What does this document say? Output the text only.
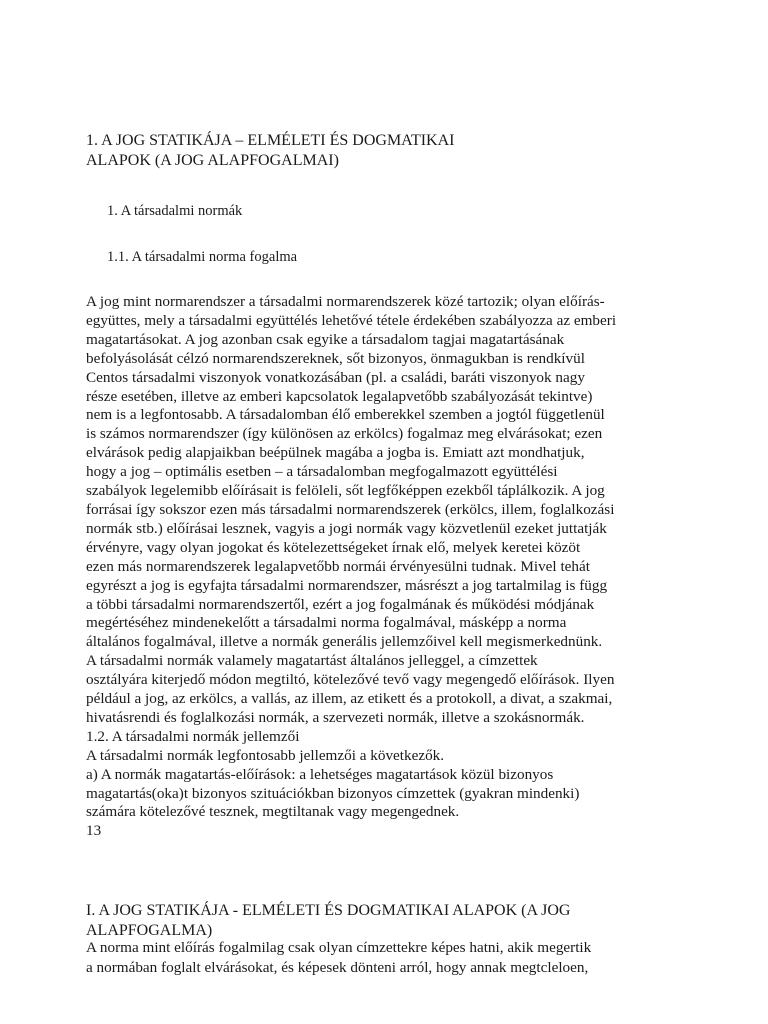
1. A JOG STATIKÁJA – ELMÉLETI ÉS DOGMATIKAI
ALAPOK (A JOG ALAPFOGALMAI)
1. A társadalmi normák
1.1. A társadalmi norma fogalma
A jog mint normarendszer a társadalmi normarendszerek közé tartozik; olyan előírás-
együttes, mely a társadalmi együttélés lehetővé tétele érdekében szabályozza az emberi
magatartásokat. A jog azonban csak egyike a társadalom tagjai magatartásának
befolyásolását célzó normarendszereknek, sőt bizonyos, önmagukban is rendkívül
Centos társadalmi viszonyok vonatkozásában (pl. a családi, baráti viszonyok nagy
része esetében, illetve az emberi kapcsolatok legalapvetőbb szabályozását tekintve)
nem is a legfontosabb. A társadalomban élő emberekkel szemben a jogtól függetlenül
is számos normarendszer (így különösen az erkölcs) fogalmaz meg elvárásokat; ezen
elvárások pedig alapjaikban beépülnek magába a jogba is. Emiatt azt mondhatjuk,
hogy a jog – optimális esetben – a társadalomban megfogalmazott együttélési
szabályok legelemibb előírásait is felöleli, sőt legfőképpen ezekből táplálkozik. A jog
forrásai így sokszor ezen más társadalmi normarendszerek (erkölcs, illem, foglalkozási
normák stb.) előírásai lesznek, vagyis a jogi normák vagy közvetlenül ezeket juttatják
érvényre, vagy olyan jogokat és kötelezettségeket írnak elő, melyek keretei közöt
ezen más normarendszerek legalapvetőbb normái érvényesülni tudnak. Mivel tehát
egyrészt a jog is egyfajta társadalmi normarendszer, másrészt a jog tartalmilag is függ
a többi társadalmi normarendszertől, ezért a jog fogalmának és működési módjának
megértéséhez mindenekelőtt a társadalmi norma fogalmával, másképp a norma
általános fogalmával, illetve a normák generális jellemzőivel kell megismerkednünk.
A társadalmi normák valamely magatartást általános jelleggel, a címzettek
osztályára kiterjedő módon megtiltó, kötelezővé tevő vagy megengedő előírások. Ilyen
például a jog, az erkölcs, a vallás, az illem, az etikett és a protokoll, a divat, a szakmai,
hivatásrendi és foglalkozási normák, a szervezeti normák, illetve a szokásnormák.
1.2. A társadalmi normák jellemzői
A társadalmi normák legfontosabb jellemzői a következők.
a) A normák magatartás-előírások: a lehetséges magatartások közül bizonyos
magatartás(oka)t bizonyos szituációkban bizonyos címzettek (gyakran mindenki)
számára kötelezővé tesznek, megtiltanak vagy megengednek.
13
I. A JOG STATIKÁJA - ELMÉLETI ÉS DOGMATIKAI ALAPOK (A JOG
ALAPFOGALMA)
A norma mint előírás fogalmilag csak olyan címzettekre képes hatni, akik megertik
a normában foglalt elvárásokat, és képesek dönteni arról, hogy annak megtcleloen,
